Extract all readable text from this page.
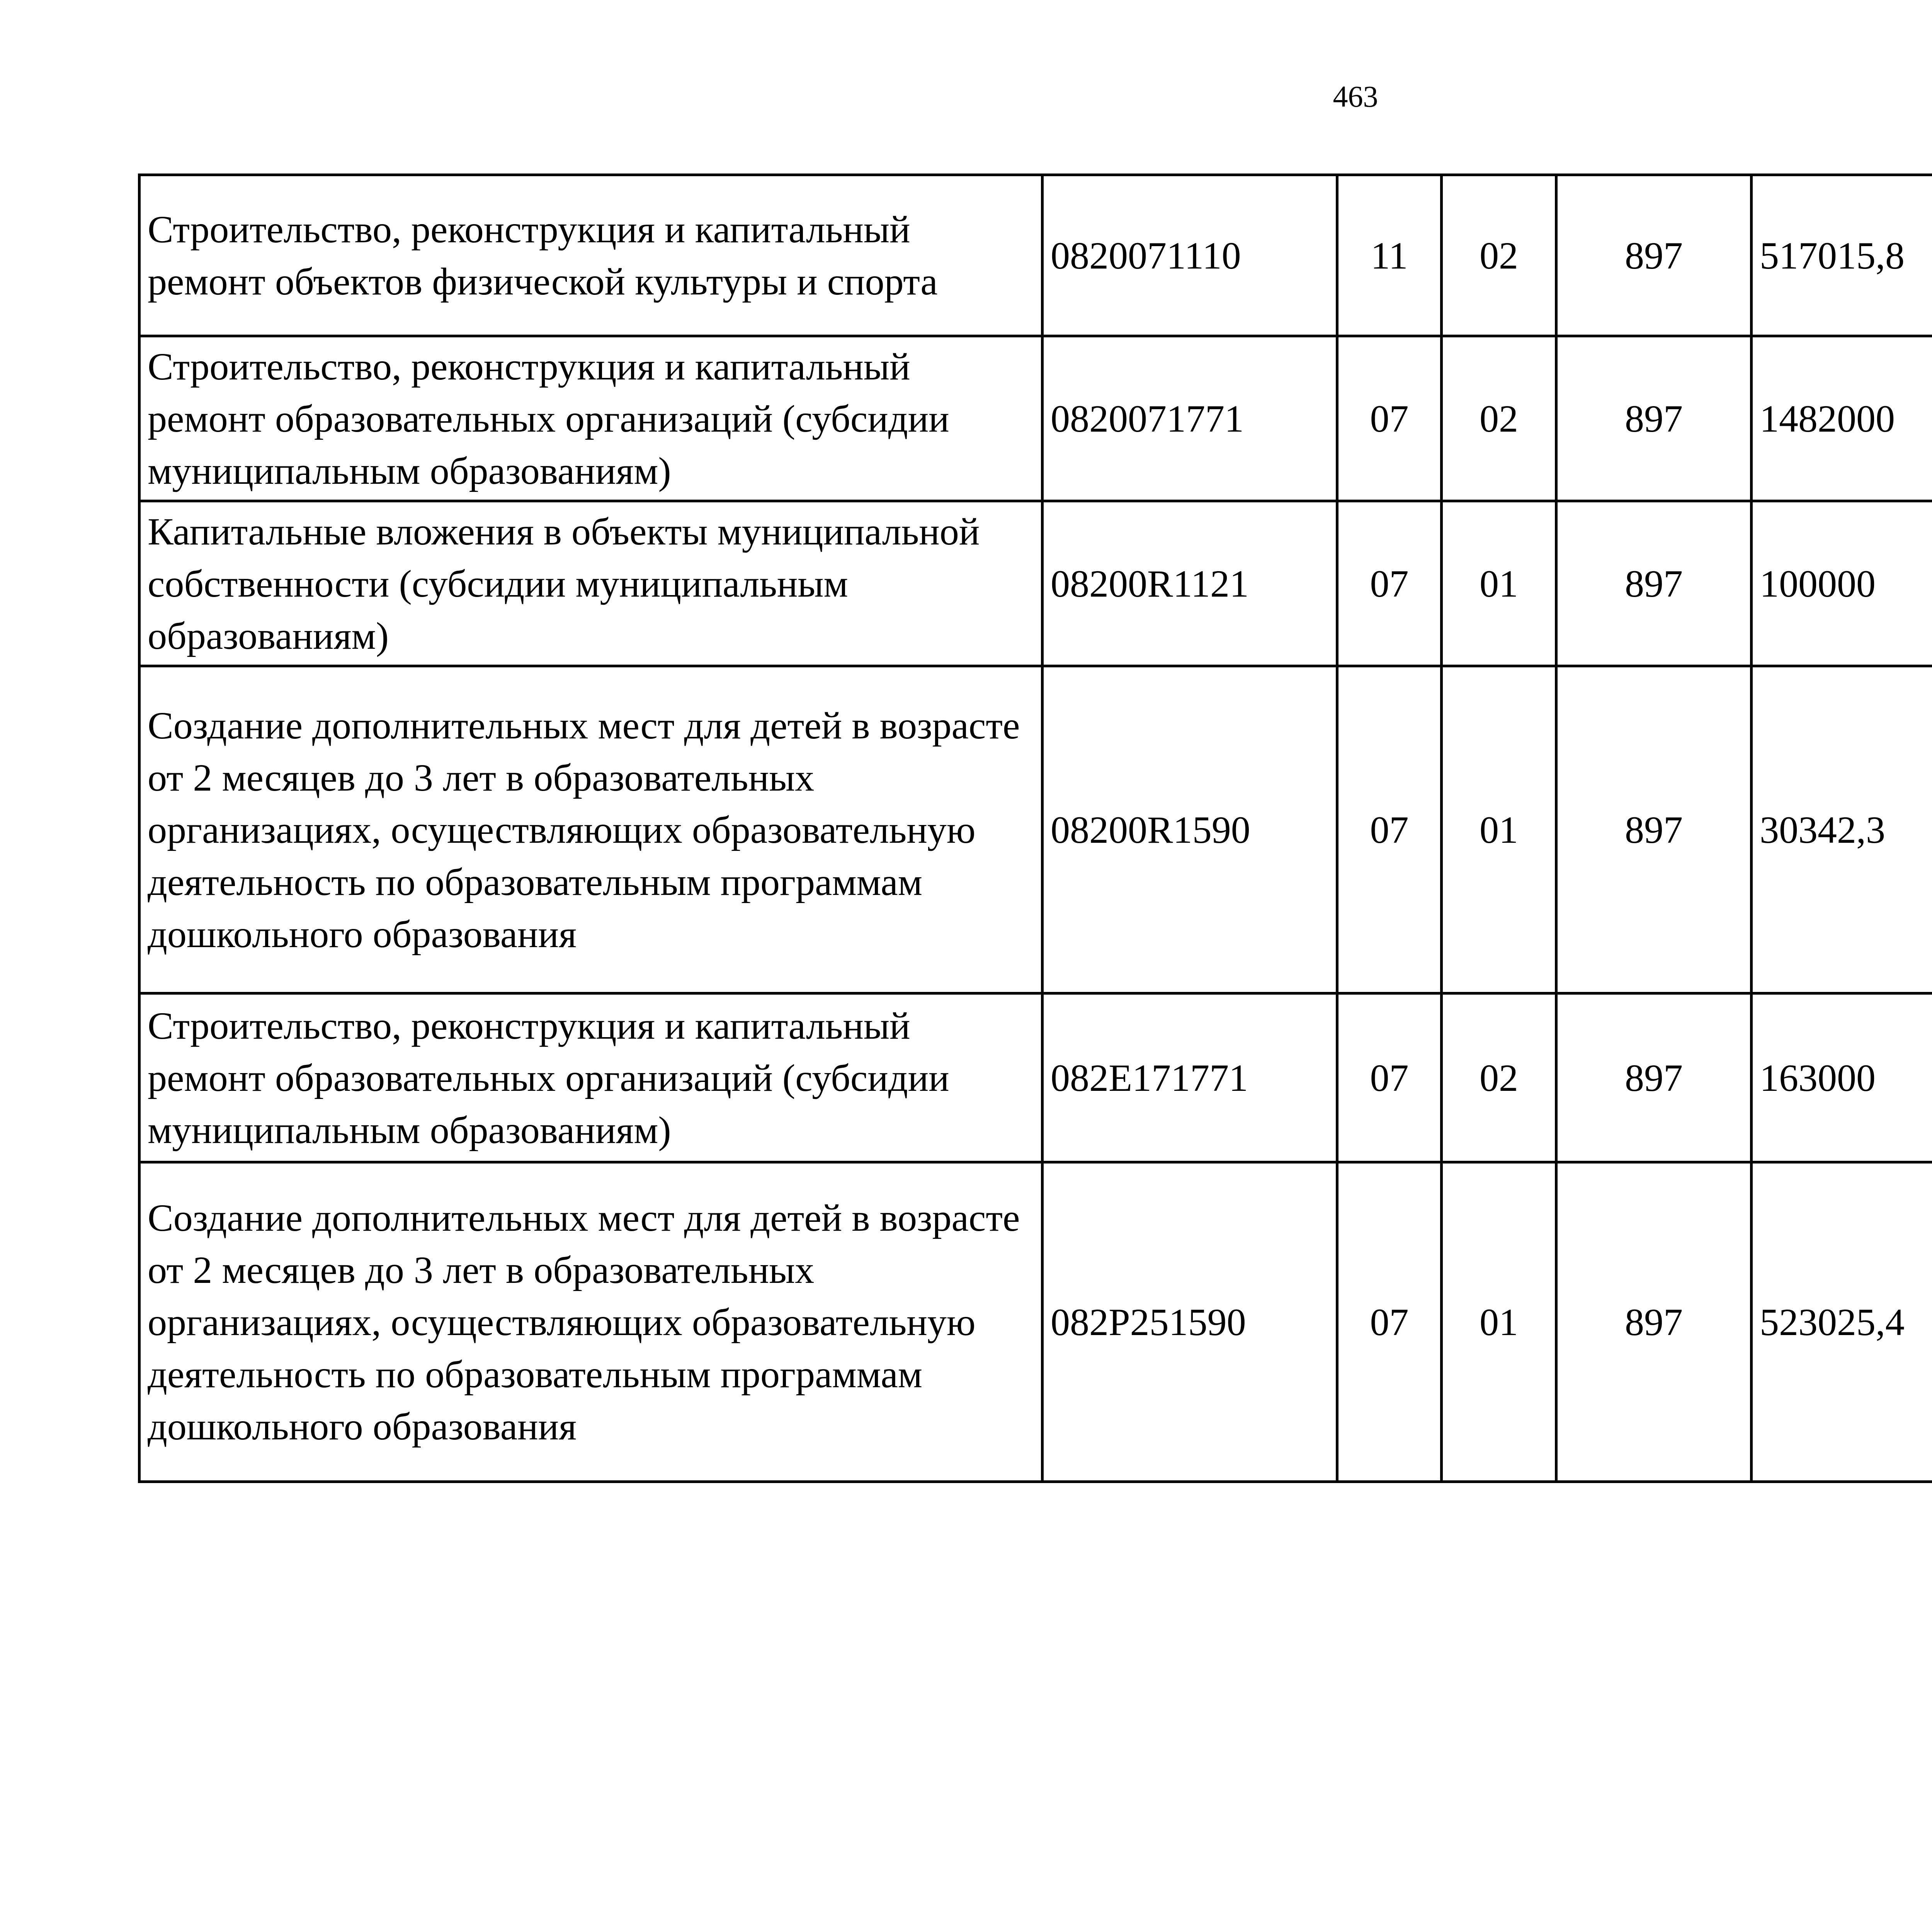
463
Строительство, реконструкция и капитальный ремонт объектов физической культуры и спорта	0820071110	11	02	897	517015,8		
Строительство, реконструкция и капитальный ремонт образовательных организаций (субсидии муниципальным образованиям)	0820071771	07	02	897	1482000		
Капитальные вложения в объекты муниципальной собственности (субсидии муниципальным образованиям)	08200R1121	07	01	897	100000		
Создание дополнительных мест для детей в возрасте от 2 месяцев до 3 лет в образовательных организациях, осуществляющих образовательную деятельность по образовательным программам дошкольного образования	08200R1590	07	01	897	30342,3		
Строительство, реконструкция и капитальный ремонт образовательных организаций (субсидии муниципальным образованиям)	082E171771	07	02	897	163000		
Создание дополнительных мест для детей в возрасте от 2 месяцев до 3 лет в образовательных организациях, осуществляющих образовательную деятельность по образовательным программам дошкольного образования	082P251590	07	01	897	523025,4		
